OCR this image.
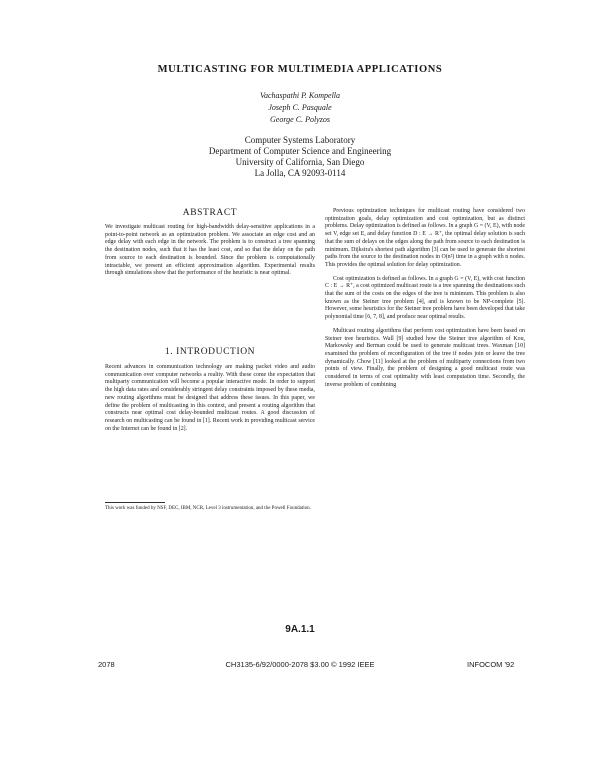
MULTICASTING FOR MULTIMEDIA APPLICATIONS
Vachaspathi P. Kompella
Joseph C. Pasquale
George C. Polyzos
Computer Systems Laboratory
Department of Computer Science and Engineering
University of California, San Diego
La Jolla, CA 92093-0114
ABSTRACT

We investigate multicast routing for high-bandwidth delay-sensitive applications in a point-to-point network as an optimization problem. We associate an edge cost and an edge delay with each edge in the network. The problem is to construct a tree spanning the destination nodes, such that it has the least cost, and so that the delay on the path from source to each destination is bounded. Since the problem is computationally intractable, we present an efficient approximation algorithm. Experimental results through simulations show that the performance of the heuristic is near optimal.

1. INTRODUCTION

Recent advances in communication technology are making packet video and audio communication over computer networks a reality. With these come the expectation that multiparty communication will become a popular interactive mode. In order to support the high data rates and considerably stringent delay constraints imposed by these media, new routing algorithms must be designed that address these issues. In this paper, we define the problem of multicasting in this context, and present a routing algorithm that constructs near optimal cost delay-bounded multicast routes. A good discussion of research on multicasting can be found in [1]. Recent work in providing multicast service on the Internet can be found in [2].

This work was funded by NSF, DEC, IBM, NCR, Level 3 instrumentation, and the Powell Foundation.

Previous optimization techniques for multicast routing have considered two optimization goals, delay optimization and cost optimization, but as distinct problems. Delay optimization is defined as follows. In a graph G = (V, E), with node set V, edge set E, and delay function D : E → R⁺, the optimal delay solution is such that the sum of delays on the edges along the path from source to each destination is minimum. Dijkstra's shortest path algorithm [3] can be used to generate the shortest paths from the source to the destination nodes in O(n²) time in a graph with n nodes. This provides the optimal solution for delay optimization.

Cost optimization is defined as follows. In a graph G = (V, E), with cost function C : E → R⁺, a cost optimized multicast route is a tree spanning the destinations such that the sum of the costs on the edges of the tree is minimum. This problem is also known as the Steiner tree problem [4], and is known to be NP-complete [5]. However, some heuristics for the Steiner tree problem have been developed that take polynomial time [6, 7, 8], and produce near optimal results.

Multicast routing algorithms that perform cost optimization have been based on Steiner tree heuristics. Wall [9] studied how the Steiner tree algorithm of Kou, Markowsky and Berman could be used to generate multicast trees. Waxman [10] examined the problem of reconfiguration of the tree if nodes join or leave the tree dynamically. Chow [11] looked at the problem of multiparty connections from two points of view. Finally, the problem of designing a good multicast route was considered in terms of cost optimality with least computation time. Secondly, the inverse problem of combining

9A.1.1
2078	CH3135-6/92/0000-2078 $3.00 © 1992 IEEE	INFOCOM '92
